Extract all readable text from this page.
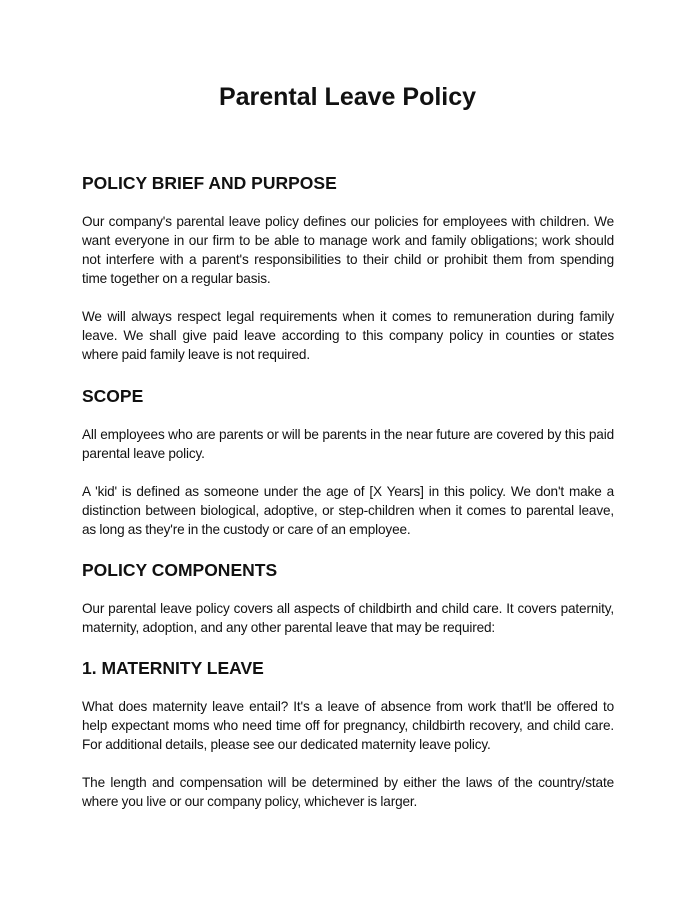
Parental Leave Policy
POLICY BRIEF AND PURPOSE

Our company's parental leave policy defines our policies for employees with children. We want everyone in our firm to be able to manage work and family obligations; work should not interfere with a parent's responsibilities to their child or prohibit them from spending time together on a regular basis.

We will always respect legal requirements when it comes to remuneration during family leave. We shall give paid leave according to this company policy in counties or states where paid family leave is not required.

SCOPE

All employees who are parents or will be parents in the near future are covered by this paid parental leave policy.

A 'kid' is defined as someone under the age of [X Years] in this policy. We don't make a distinction between biological, adoptive, or step-children when it comes to parental leave, as long as they're in the custody or care of an employee.

POLICY COMPONENTS

Our parental leave policy covers all aspects of childbirth and child care. It covers paternity, maternity, adoption, and any other parental leave that may be required:

1. MATERNITY LEAVE

What does maternity leave entail? It's a leave of absence from work that'll be offered to help expectant moms who need time off for pregnancy, childbirth recovery, and child care. For additional details, please see our dedicated maternity leave policy.

The length and compensation will be determined by either the laws of the country/state where you live or our company policy, whichever is larger.
